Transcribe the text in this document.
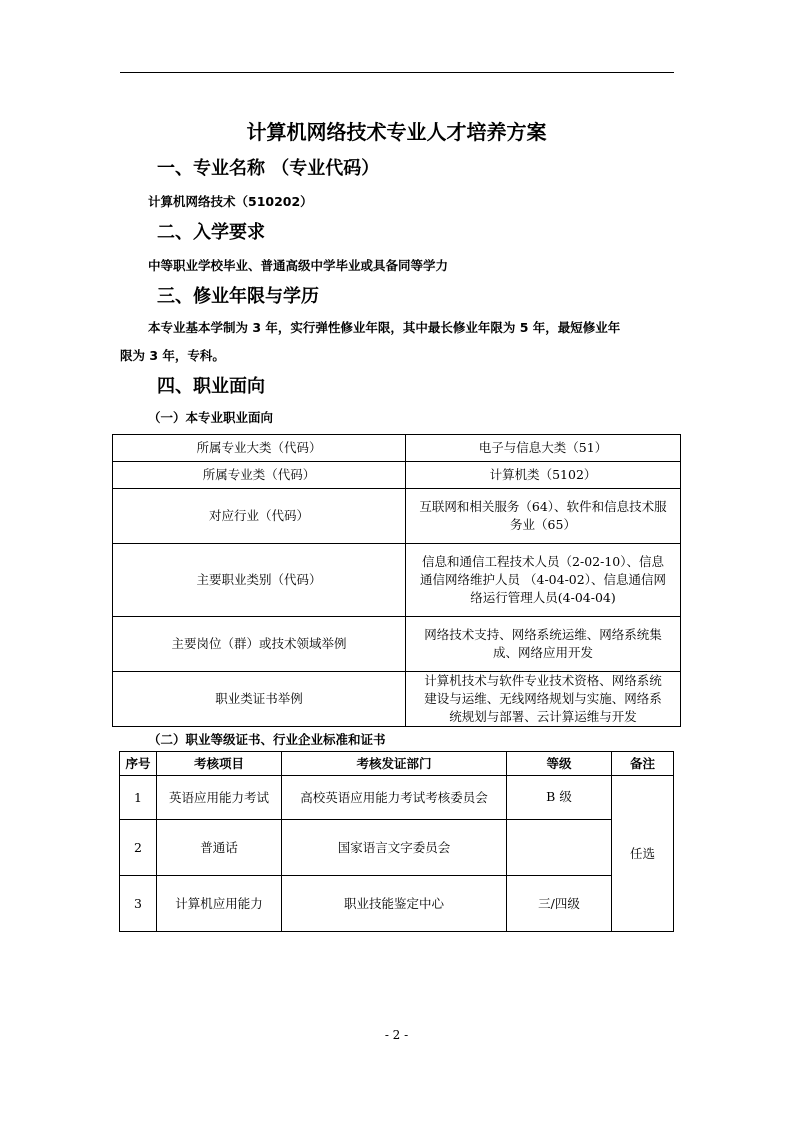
计算机网络技术专业人才培养方案
一、专业名称 （专业代码）
计算机网络技术（510202）
二、入学要求
中等职业学校毕业、普通高级中学毕业或具备同等学力
三、修业年限与学历
本专业基本学制为 3 年，实行弹性修业年限，其中最长修业年限为 5 年，最短修业年
限为 3 年，专科。
四、职业面向
（一）本专业职业面向
所属专业大类（代码）	电子与信息大类（51）

所属专业类（代码）	计算机类（5102）

对应行业（代码）	互联网和相关服务（64）、软件和信息技术服
务业（65）

主要职业类别（代码）	信息和通信工程技术人员（2-02-10）、信息
通信网络维护人员 （4-04-02）、信息通信网
络运行管理人员(4-04-04)

主要岗位（群）或技术领域举例	网络技术支持、网络系统运维、网络系统集
成、网络应用开发

职业类证书举例	计算机技术与软件专业技术资格、网络系统
建设与运维、无线网络规划与实施、网络系
统规划与部署、云计算运维与开发
（二）职业等级证书、行业企业标准和证书
序号	考核项目	考核发证部门	等级	备注
1	英语应用能力考试	高校英语应用能力考试考核委员会	B 级	任选
2	普通话	国家语言文字委员会		
3	计算机应用能力	职业技能鉴定中心	三/四级	
- 2 -
